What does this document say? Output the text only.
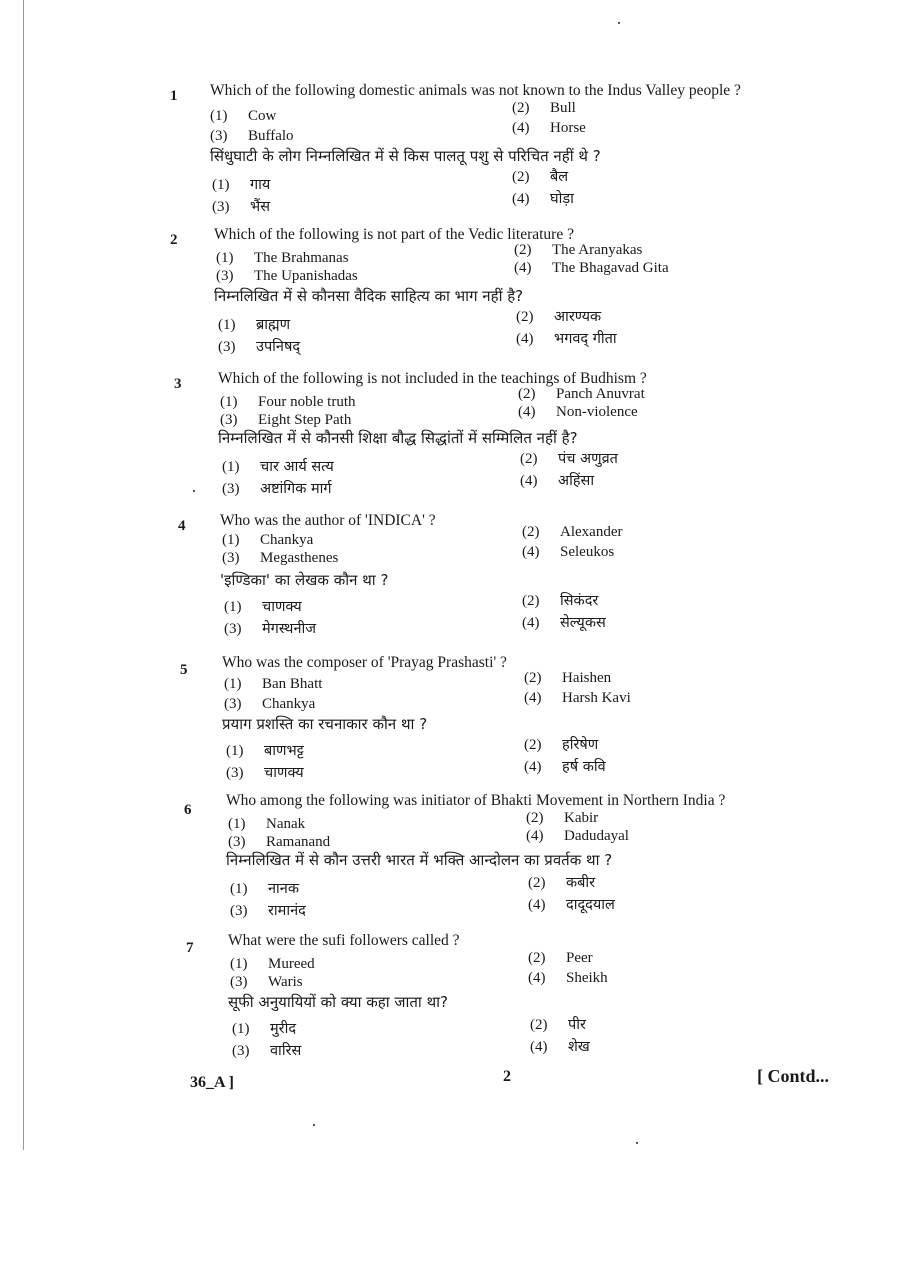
1 Which of the following domestic animals was not known to the Indus Valley people ?
(1) Cow	(2) Bull
(3) Buffalo	(4) Horse
सिंधुघाटी के लोग निम्नलिखित में से किस पालतू पशु से परिचित नहीं थे ?
(1) गाय	(2) बैल
(3) भैंस	(4) घोड़ा
2 Which of the following is not part of the Vedic literature ?
(1) The Brahmanas	(2) The Aranyakas
(3) The Upanishadas	(4) The Bhagavad Gita
निम्नलिखित में से कौनसा वैदिक साहित्य का भाग नहीं है?
(1) ब्राह्मण	(2) आरण्यक
(3) उपनिषद्	(4) भगवद् गीता
3 Which of the following is not included in the teachings of Budhism ?
(1) Four noble truth	(2) Panch Anuvrat
(3) Eight Step Path	(4) Non-violence
निम्नलिखित में से कौनसी शिक्षा बौद्ध सिद्धांतों में सम्मिलित नहीं है?
(1) चार आर्य सत्य	(2) पंच अणुव्रत
(3) अष्टांगिक मार्ग	(4) अहिंसा
4 Who was the author of 'INDICA' ?
(1) Chankya	(2) Alexander
(3) Megasthenes	(4) Seleukos
'इण्डिका' का लेखक कौन था ?
(1) चाणक्य	(2) सिकंदर
(3) मेगस्थनीज	(4) सेल्यूकस
5 Who was the composer of 'Prayag Prashasti' ?
(1) Ban Bhatt	(2) Haishen
(3) Chankya	(4) Harsh Kavi
प्रयाग प्रशस्ति का रचनाकार कौन था ?
(1) बाणभट्ट	(2) हरिषेण
(3) चाणक्य	(4) हर्ष कवि
6
Who among the following was initiator of Bhakti Movement in Northern India ?
(1) Nanak	(2) Kabir
(3) Ramanand	(4) Dadudayal
निम्नलिखित में से कौन उत्तरी भारत में भक्ति आन्दोलन का प्रवर्तक था ?
(1) नानक	(2) कबीर
(3) रामानंद	(4) दादूदयाल
7 What were the sufi followers called ?
(1) Mureed	(2) Peer
(3) Waris	(4) Sheikh
सूफी अनुयायियों को क्या कहा जाता था?
(1) मुरीद	(2) पीर
(3) वारिस	(4) शेख
36_A ]	2	[ Contd...
